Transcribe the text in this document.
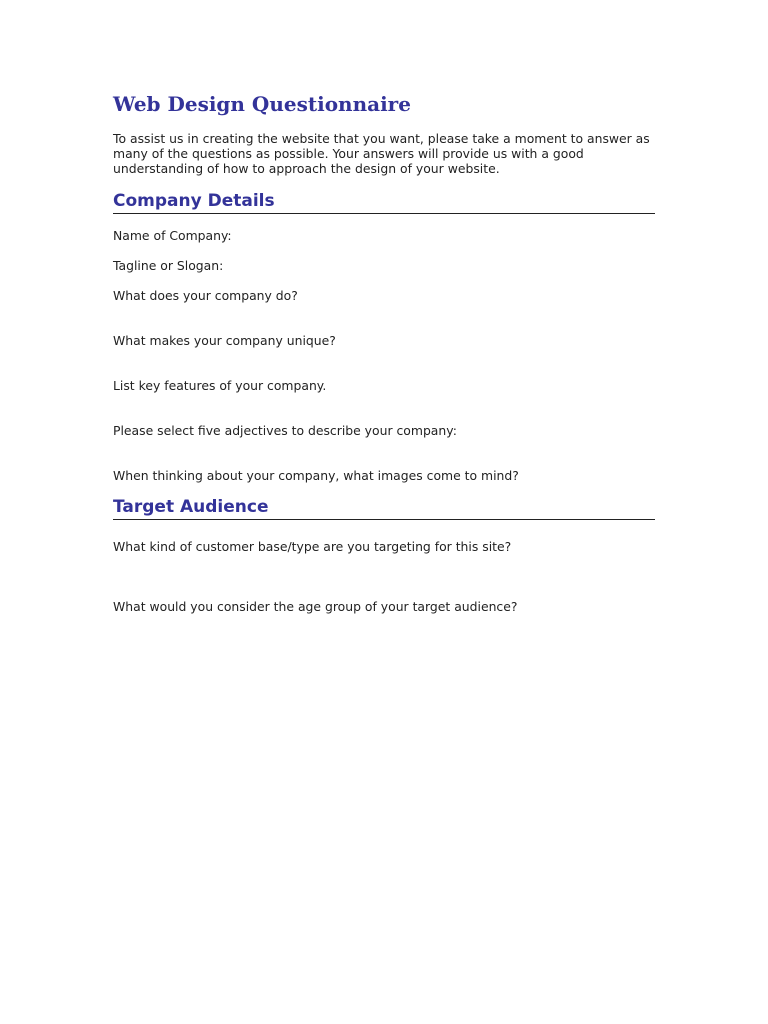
Web Design Questionnaire

To assist us in creating the website that you want, please take a moment to answer as many of the questions as possible. Your answers will provide us with a good understanding of how to approach the design of your website.

Company Details

Name of Company:

Tagline or Slogan:

What does your company do?

What makes your company unique?

List key features of your company.

Please select five adjectives to describe your company:

When thinking about your company, what images come to mind?

Target Audience

What kind of customer base/type are you targeting for this site?

What would you consider the age group of your target audience?
